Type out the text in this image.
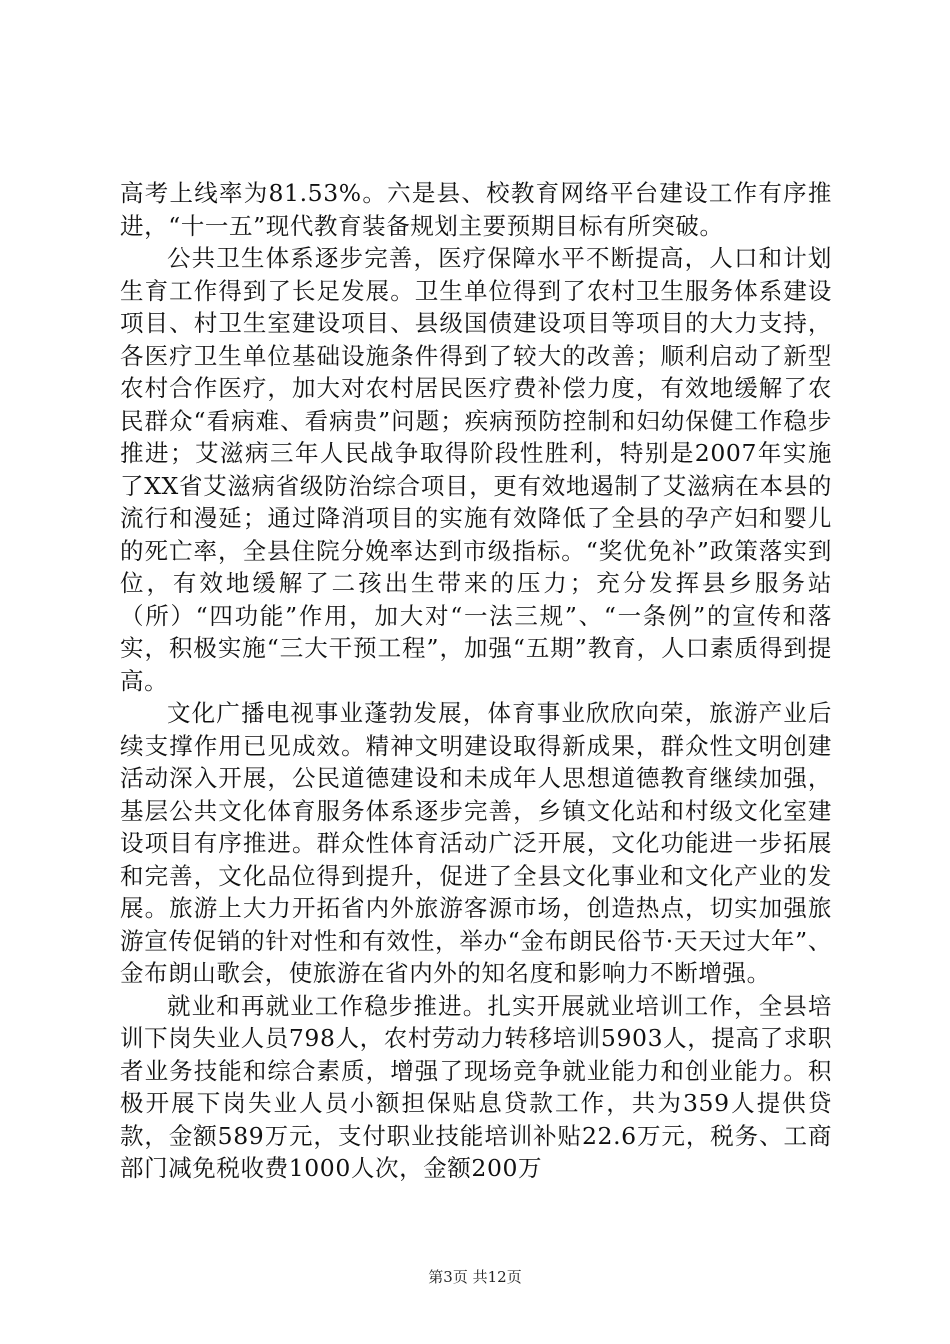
高考上线率为81.53%。六是县、校教育网络平台建设工作有序推进，“十一五”现代教育装备规划主要预期目标有所突破。

公共卫生体系逐步完善，医疗保障水平不断提高，人口和计划生育工作得到了长足发展。卫生单位得到了农村卫生服务体系建设项目、村卫生室建设项目、县级国债建设项目等项目的大力支持，各医疗卫生单位基础设施条件得到了较大的改善；顺利启动了新型农村合作医疗，加大对农村居民医疗费补偿力度，有效地缓解了农民群众“看病难、看病贵”问题；疾病预防控制和妇幼保健工作稳步推进；艾滋病三年人民战争取得阶段性胜利，特别是2007年实施了XX省艾滋病省级防治综合项目，更有效地遏制了艾滋病在本县的流行和漫延；通过降消项目的实施有效降低了全县的孕产妇和婴儿的死亡率，全县住院分娩率达到市级指标。“奖优免补”政策落实到位，有效地缓解了二孩出生带来的压力；充分发挥县乡服务站（所）“四功能”作用，加大对“一法三规”、“一条例”的宣传和落实，积极实施“三大干预工程”，加强“五期”教育，人口素质得到提高。

文化广播电视事业蓬勃发展，体育事业欣欣向荣，旅游产业后续支撑作用已见成效。精神文明建设取得新成果，群众性文明创建活动深入开展，公民道德建设和未成年人思想道德教育继续加强，基层公共文化体育服务体系逐步完善，乡镇文化站和村级文化室建设项目有序推进。群众性体育活动广泛开展，文化功能进一步拓展和完善，文化品位得到提升，促进了全县文化事业和文化产业的发展。旅游上大力开拓省内外旅游客源市场，创造热点，切实加强旅游宣传促销的针对性和有效性，举办“金布朗民俗节·天天过大年”、金布朗山歌会，使旅游在省内外的知名度和影响力不断增强。

就业和再就业工作稳步推进。扎实开展就业培训工作，全县培训下岗失业人员798人，农村劳动力转移培训5903人，提高了求职者业务技能和综合素质，增强了现场竞争就业能力和创业能力。积极开展下岗失业人员小额担保贴息贷款工作，共为359人提供贷款，金额589万元，支付职业技能培训补贴22.6万元，税务、工商部门减免税收费1000人次，金额200万

第3页 共12页
